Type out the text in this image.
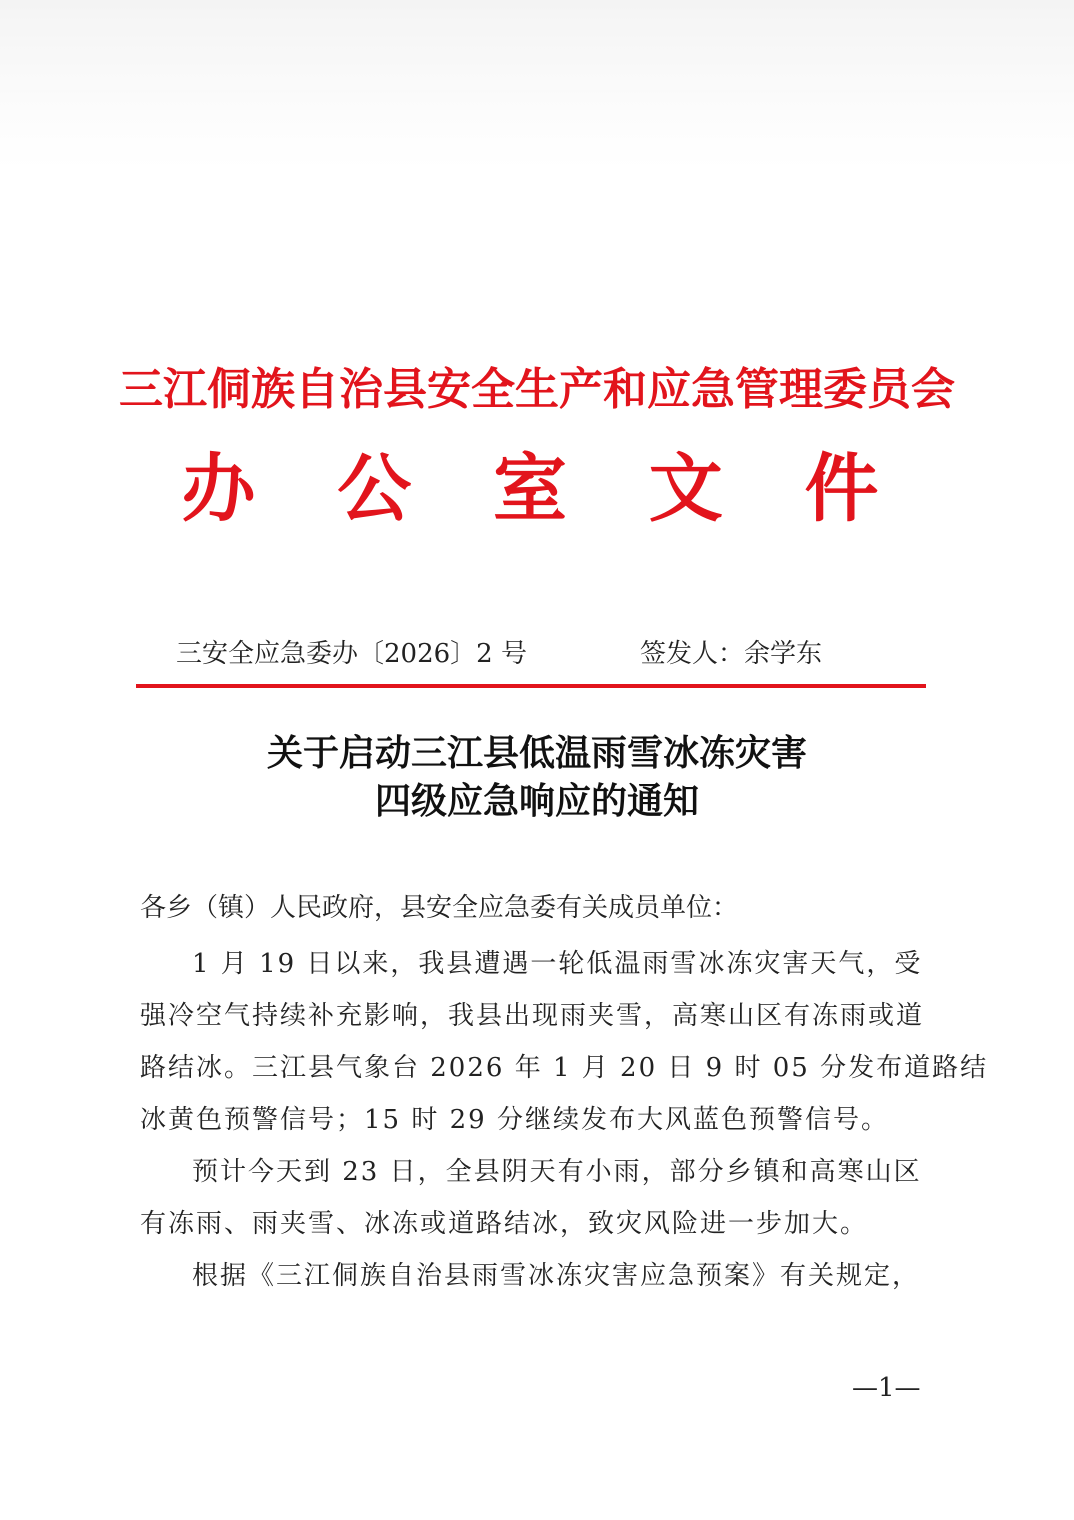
三江侗族自治县安全生产和应急管理委员会
办 公 室 文 件
三安全应急委办〔2026〕2 号	签发人：余学东
关于启动三江县低温雨雪冰冻灾害
四级应急响应的通知
各乡（镇）人民政府，县安全应急委有关成员单位：
1 月 19 日以来，我县遭遇一轮低温雨雪冰冻灾害天气，受
强冷空气持续补充影响，我县出现雨夹雪，高寒山区有冻雨或道
路结冰。三江县气象台 2026 年 1 月 20 日 9 时 05 分发布道路结
冰黄色预警信号；15 时 29 分继续发布大风蓝色预警信号。
预计今天到 23 日，全县阴天有小雨，部分乡镇和高寒山区
有冻雨、雨夹雪、冰冻或道路结冰，致灾风险进一步加大。
根据《三江侗族自治县雨雪冰冻灾害应急预案》有关规定，
—1—
